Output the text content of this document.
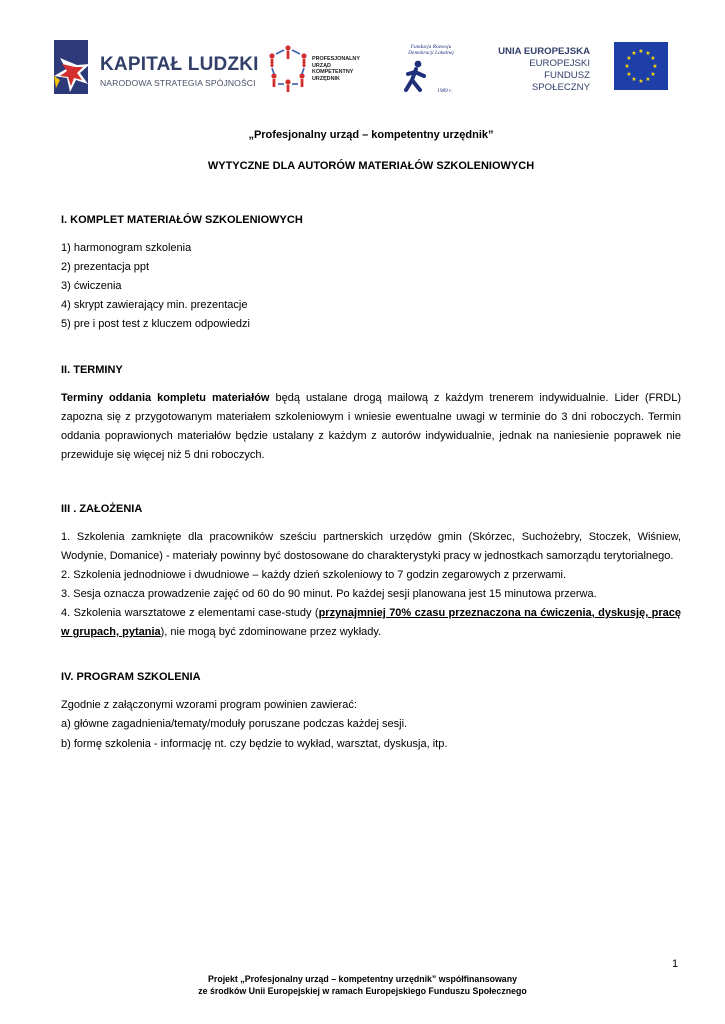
KAPITAŁ LUDZKI
NARODOWA STRATEGIA SPÓJNOŚCI
PROFESJONALNY
URZĄD
KOMPETENTNY
URZĘDNIK
Fundacja Rozwoju
Demokracji Lokalnej
1989 r.
UNIA EUROPEJSKA
EUROPEJSKI
FUNDUSZ SPOŁECZNY
★ ★
★
★
★
★
★
★
★
★
★
★
„Profesjonalny urząd – kompetentny urzędnik”
WYTYCZNE DLA AUTORÓW MATERIAŁÓW SZKOLENIOWYCH
I. KOMPLET MATERIAŁÓW SZKOLENIOWYCH
1) harmonogram szkolenia
2) prezentacja ppt
3) ćwiczenia
4) skrypt zawierający min. prezentacje
5) pre i post test z kluczem odpowiedzi
II. TERMINY
Terminy oddania kompletu materiałów będą ustalane drogą mailową z każdym trenerem indywidualnie. Lider (FRDL)
zapozna się z przygotowanym materiałem szkoleniowym i wniesie ewentualne uwagi w terminie do 3 dni roboczych. Termin
oddania poprawionych materiałów będzie ustalany z każdym z autorów indywidualnie, jednak na naniesienie poprawek nie
przewiduje się więcej niż 5 dni roboczych.
III . ZAŁOŻENIA
1. Szkolenia zamknięte dla pracowników sześciu partnerskich urzędów gmin (Skórzec, Suchożebry, Stoczek, Wiśniew,
Wodynie, Domanice) - materiały powinny być dostosowane do charakterystyki pracy w jednostkach samorządu terytorialnego.
2. Szkolenia jednodniowe i dwudniowe – każdy dzień szkoleniowy to 7 godzin zegarowych z przerwami.
3. Sesja oznacza prowadzenie zajęć od 60 do 90 minut. Po każdej sesji planowana jest 15 minutowa przerwa.
4. Szkolenia warsztatowe z elementami case-study (przynajmniej 70% czasu przeznaczona na ćwiczenia, dyskusję, pracę
w grupach, pytania), nie mogą być zdominowane przez wykłady.
IV. PROGRAM SZKOLENIA
Zgodnie z załączonymi wzorami program powinien zawierać:
a) główne zagadnienia/tematy/moduły poruszane podczas każdej sesji.
b) formę szkolenia - informację nt. czy będzie to wykład, warsztat, dyskusja, itp.
1
Projekt „Profesjonalny urząd – kompetentny urzędnik” współfinansowany
ze środków Unii Europejskiej w ramach Europejskiego Funduszu Społecznego
